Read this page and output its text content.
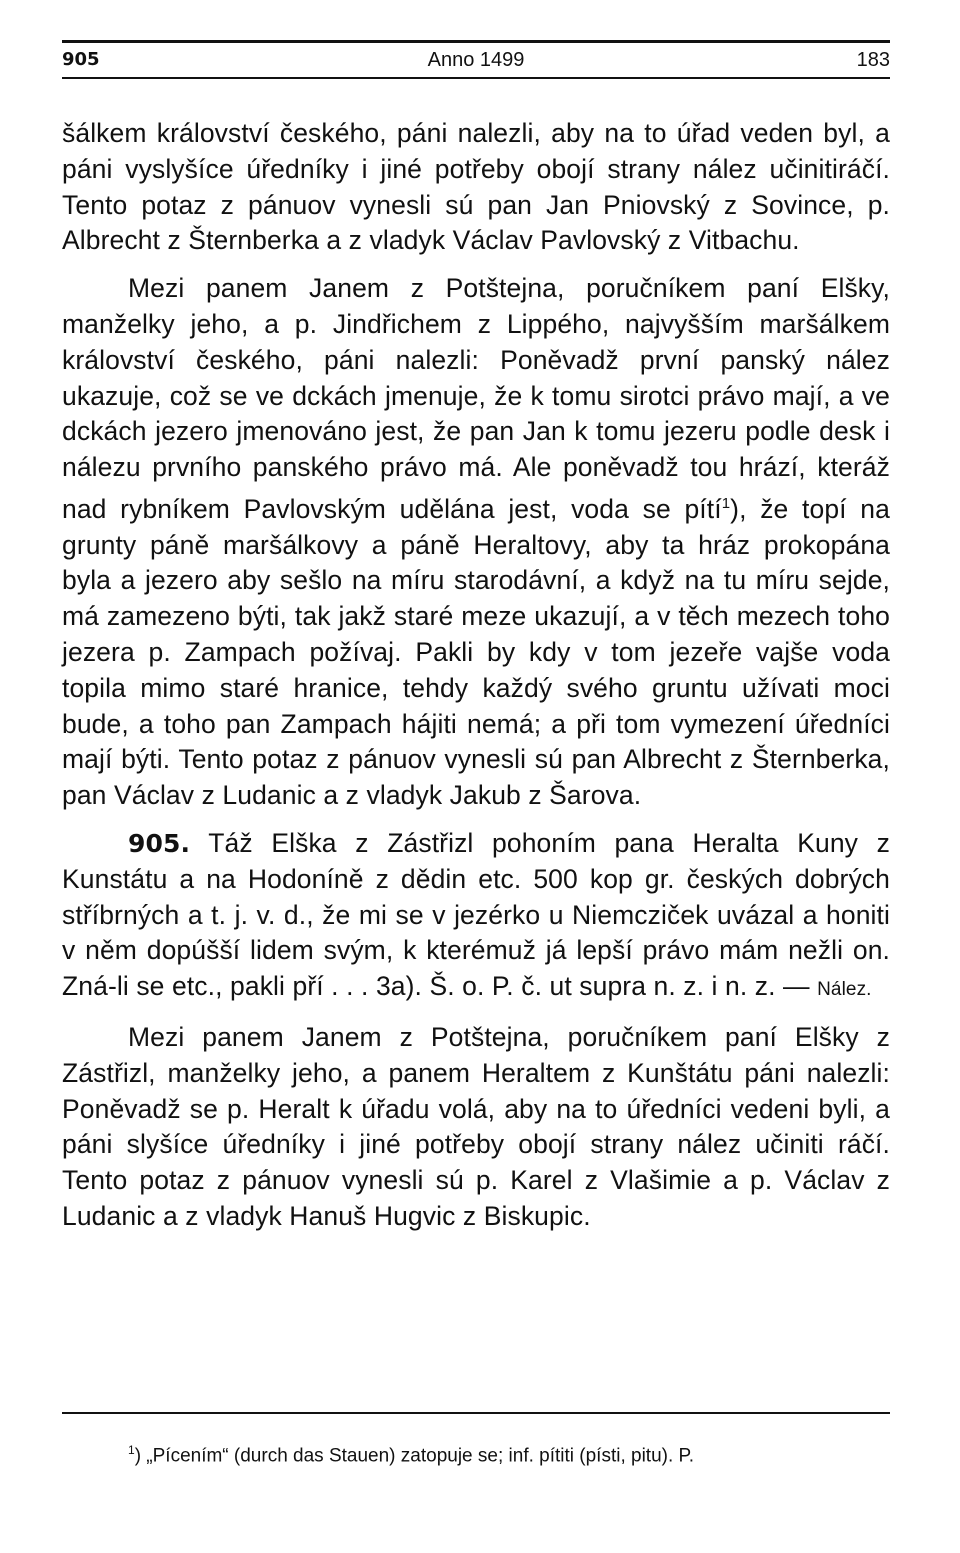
905	Anno 1499	183

šálkem království českého, páni nalezli, aby na to úřad veden byl, a páni vyslyšíce úředníky i jiné potřeby obojí strany nález učinitiráčí. Tento potaz z pánuov vynesli sú pan Jan Pniovský z Sovince, p. Albrecht z Šternberka a z vladyk Václav Pavlovský z Vitbachu.

Mezi panem Janem z Potštejna, poručníkem paní Elšky, manželky jeho, a p. Jindřichem z Lippého, najvyšším maršálkem království českého, páni nalezli: Poněvadž první panský nález ukazuje, což se ve dckách jmenuje, že k tomu sirotci právo mají, a ve dckách jezero jmenováno jest, že pan Jan k tomu jezeru podle desk i nálezu prvního panského právo má. Ale poněvadž tou hrází, kteráž nad rybníkem Pavlovským udělána jest, voda se pítí$^1$), že topí na grunty páně maršálkovy a páně Heraltovy, aby ta hráz prokopána byla a jezero aby sešlo na míru starodávní, a když na tu míru sejde, má zamezeno býti, tak jakž staré meze ukazují, a v těch mezech toho jezera p. Zampach požívaj. Pakli by kdy v tom jezeře vajše voda topila mimo staré hranice, tehdy každý svého gruntu užívati moci bude, a toho pan Zampach hájiti nemá; a při tom vymezení úředníci mají býti. Tento potaz z pánuov vynesli sú pan Albrecht z Šternberka, pan Václav z Ludanic a z vladyk Jakub z Šarova.

905. Táž Elška z Zástřizl pohoním pana Heralta Kuny z Kunstátu a na Hodoníně z dědin etc. 500 kop gr. českých dobrých stříbrných a t. j. v. d., že mi se v jezérko u Niemcziček uvázal a honiti v něm dopúšší lidem svým, k kterémuž já lepší právo mám nežli on. Zná-li se etc., pakli pří . . . 3a). Š. o. P. č. ut supra n. z. i n. z. — Nález.

Mezi panem Janem z Potštejna, poručníkem paní Elšky z Zástřizl, manželky jeho, a panem Heraltem z Kunštátu páni nalezli: Poněvadž se p. Heralt k úřadu volá, aby na to úředníci vedeni byli, a páni slyšíce úředníky i jiné potřeby obojí strany nález učiniti ráčí. Tento potaz z pánuov vynesli sú p. Karel z Vlašimie a p. Václav z Ludanic a z vladyk Hanuš Hugvic z Biskupic.

$^1$) „Pícením“ (durch das Stauen) zatopuje se; inf. pítiti (písti, pitu). P.
